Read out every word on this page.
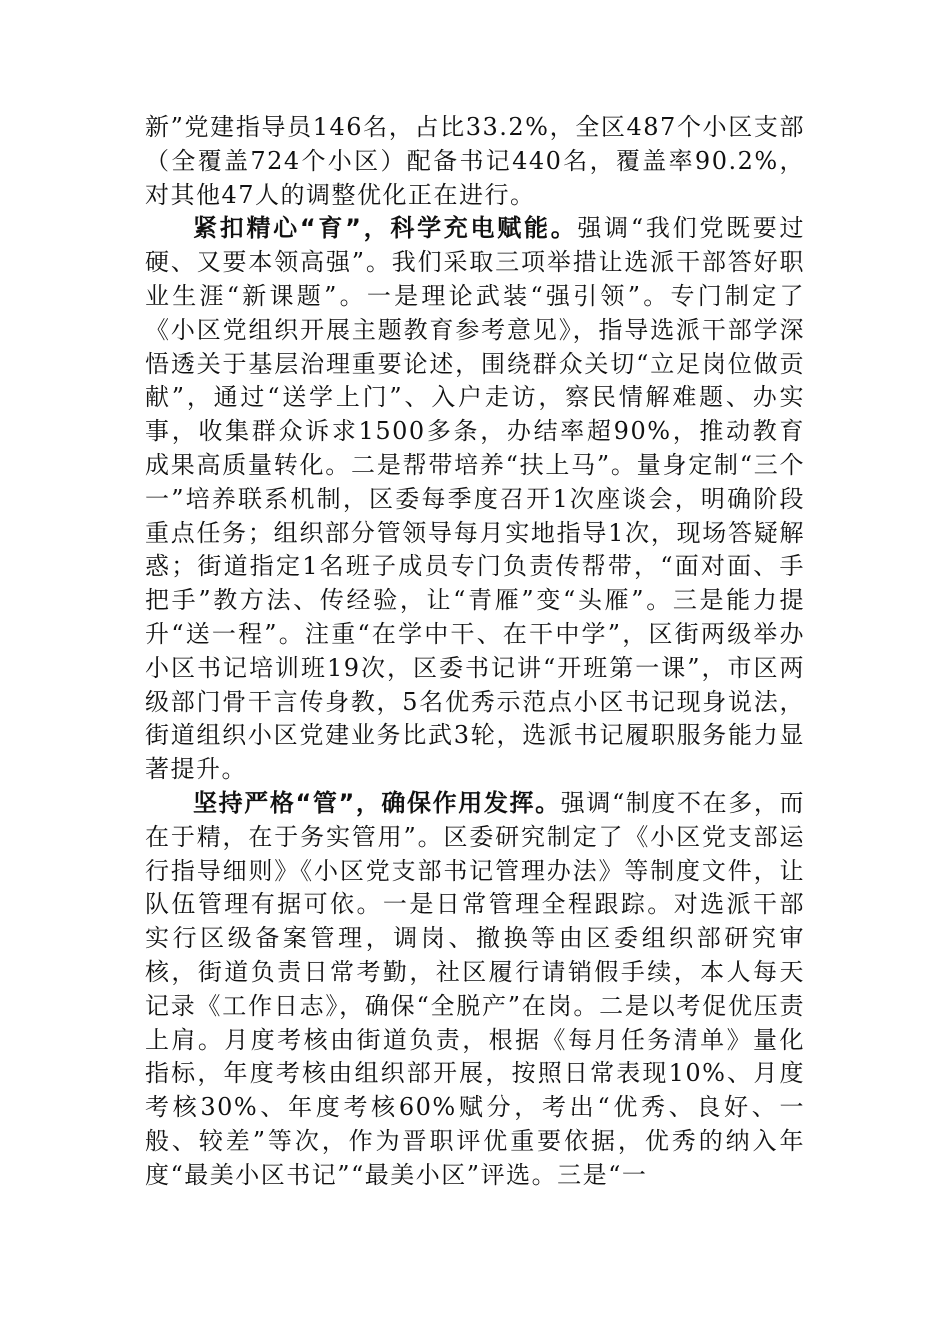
新”党建指导员146名，占比33.2%，全区487个小区支部（全覆盖724个小区）配备书记440名，覆盖率90.2%，对其他47人的调整优化正在进行。

紧扣精心“育”，科学充电赋能。强调“我们党既要过硬、又要本领高强”。我们采取三项举措让选派干部答好职业生涯“新课题”。一是理论武装“强引领”。专门制定了《小区党组织开展主题教育参考意见》，指导选派干部学深悟透关于基层治理重要论述，围绕群众关切“立足岗位做贡献”，通过“送学上门”、入户走访，察民情解难题、办实事，收集群众诉求1500多条，办结率超90%，推动教育成果高质量转化。二是帮带培养“扶上马”。量身定制“三个一”培养联系机制，区委每季度召开1次座谈会，明确阶段重点任务；组织部分管领导每月实地指导1次，现场答疑解惑；街道指定1名班子成员专门负责传帮带，“面对面、手把手”教方法、传经验，让“青雁”变“头雁”。三是能力提升“送一程”。注重“在学中干、在干中学”，区街两级举办小区书记培训班19次，区委书记讲“开班第一课”，市区两级部门骨干言传身教，5名优秀示范点小区书记现身说法，街道组织小区党建业务比武3轮，选派书记履职服务能力显著提升。

坚持严格“管”，确保作用发挥。强调“制度不在多，而在于精，在于务实管用”。区委研究制定了《小区党支部运行指导细则》《小区党支部书记管理办法》等制度文件，让队伍管理有据可依。一是日常管理全程跟踪。对选派干部实行区级备案管理，调岗、撤换等由区委组织部研究审核，街道负责日常考勤，社区履行请销假手续，本人每天记录《工作日志》，确保“全脱产”在岗。二是以考促优压责上肩。月度考核由街道负责，根据《每月任务清单》量化指标，年度考核由组织部开展，按照日常表现10%、月度考核30%、年度考核60%赋分，考出“优秀、良好、一般、较差”等次，作为晋职评优重要依据，优秀的纳入年度“最美小区书记”“最美小区”评选。三是“一
